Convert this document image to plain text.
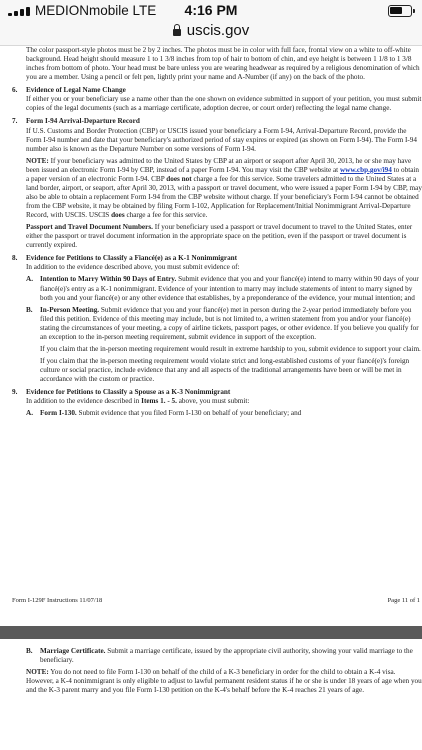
MEDIONmobile LTE	4:16 PM
uscis.gov

The color passport-style photos must be 2 by 2 inches. The photos must be in color with full face, frontal view on a white to off-white background. Head height should measure 1 to 1 3/8 inches from top of hair to bottom of chin, and eye height is between 1 1/8 to 1 3/8 inches from bottom of photo. Your head must be bare unless you are wearing headwear as required by a religious denomination of which you are a member. Using a pencil or felt pen, lightly print your name and A-Number (if any) on the back of the photo.

6.	Evidence of Legal Name Change

If either you or your beneficiary use a name other than the one shown on evidence submitted in support of your petition, you must submit copies of the legal documents (such as a marriage certificate, adoption decree, or court order) reflecting the legal name change.

7.	Form I-94 Arrival-Departure Record

If U.S. Customs and Border Protection (CBP) or USCIS issued your beneficiary a Form I-94, Arrival-Departure Record, provide the Form I-94 number and date that your beneficiary's authorized period of stay expires or expired (as shown on Form I-94). The Form I-94 number also is known as the Departure Number on some versions of Form I-94.

NOTE: If your beneficiary was admitted to the United States by CBP at an airport or seaport after April 30, 2013, he or she may have been issued an electronic Form I-94 by CBP, instead of a paper Form I-94. You may visit the CBP website at www.cbp.gov/i94 to obtain a paper version of an electronic Form I-94. CBP does not charge a fee for this service. Some travelers admitted to the United States at a land border, airport, or seaport, after April 30, 2013, with a passport or travel document, who were issued a paper Form I-94 by CBP, may also be able to obtain a replacement Form I-94 from the CBP website without charge. If your beneficiary's Form I-94 cannot be obtained from the CBP website, it may be obtained by filing Form I-102, Application for Replacement/Initial Nonimmigrant Arrival-Departure Record, with USCIS. USCIS does charge a fee for this service.

Passport and Travel Document Numbers. If your beneficiary used a passport or travel document to travel to the United States, enter either the passport or travel document information in the appropriate space on the petition, even if the passport or travel document is currently expired.

8.	Evidence for Petitions to Classify a Fiancé(e) as a K-1 Nonimmigrant

In addition to the evidence described above, you must submit evidence of:

A. Intention to Marry Within 90 Days of Entry. Submit evidence that you and your fiancé(e) intend to marry within 90 days of your fiancé(e)'s entry as a K-1 nonimmigrant. Evidence of your intention to marry may include statements of intent to marry signed by both you and your fiancé(e) or any other evidence that establishes, by a preponderance of the evidence, your mutual intention; and
B.	In-Person Meeting. Submit evidence that you and your fiancé(e) met in person during the 2-year period immediately before you filed this petition. Evidence of this meeting may include, but is not limited to, a written statement from you and/or your fiancé(e) stating the circumstances of your meeting, a copy of airline tickets, passport pages, or other evidence. If you believe you qualify for an exception to the in-person meeting requirement, submit evidence in support of the exception.

If you claim that the in-person meeting requirement would result in extreme hardship to you, submit evidence to support your claim.

If you claim that the in-person meeting requirement would violate strict and long-established customs of your fiancé(e)'s foreign culture or social practice, include evidence that any and all aspects of the traditional arrangements have been or will be met in accordance with the custom or practice.

9.	Evidence for Petitions to Classify a Spouse as a K-3 Nonimmigrant

In addition to the evidence described in Items 1. - 5. above, you must submit:

A. Form I-130. Submit evidence that you filed Form I-130 on behalf of your beneficiary; and
Form I-129F Instructions 11/07/18	Page 11 of 1
B.	Marriage Certificate. Submit a marriage certificate, issued by the appropriate civil authority, showing your valid marriage to the beneficiary.

NOTE: You do not need to file Form I-130 on behalf of the child of a K-3 beneficiary in order for the child to obtain a K-4 visa. However, a K-4 nonimmigrant is only eligible to adjust to lawful permanent resident status if he or she is under 18 years of age when you and the K-3 parent marry and you file Form I-130 petition on the K-4's behalf before the K-4 reaches 21 years of age.
